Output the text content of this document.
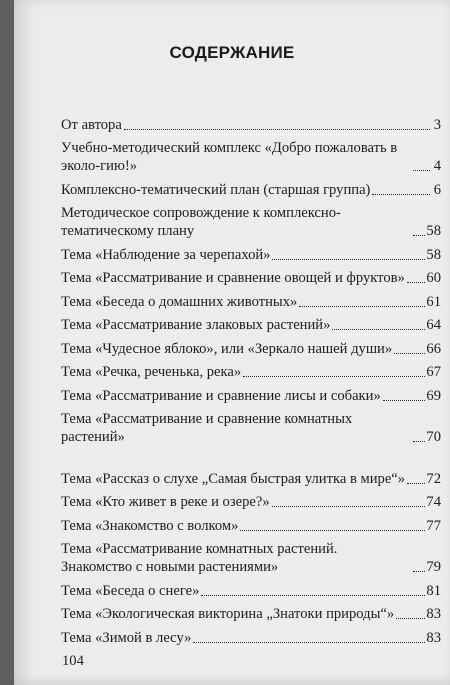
СОДЕРЖАНИЕ
От автора	3
Учебно-методический комплекс «Добро пожаловать в эколо-гию!»	4
Комплексно-тематический план (старшая группа)	6
Методическое сопровождение к комплексно-тематическому плану	58
Тема «Наблюдение за черепахой»	58
Тема «Рассматривание и сравнение овощей и фруктов» 60
Тема «Беседа о домашних животных»	61
Тема «Рассматривание злаковых растений»	64
Тема «Чудесное яблоко», или «Зеркало нашей души» 66
Тема «Речка, реченька, река»	67
Тема «Рассматривание и сравнение лисы и собаки»	69
Тема «Рассматривание и сравнение комнатных растений»	70
Тема «Рассказ о слухе „Самая быстрая улитка в мире“» 72
Тема «Кто живет в реке и озере?»	74
Тема «Знакомство с волком»	77
Тема «Рассматривание комнатных растений. Знакомство с новыми растениями»	79
Тема «Беседа о снеге»	81
Тема «Экологическая викторина „Знатоки природы“» 83
Тема «Зимой в лесу»	83
104
